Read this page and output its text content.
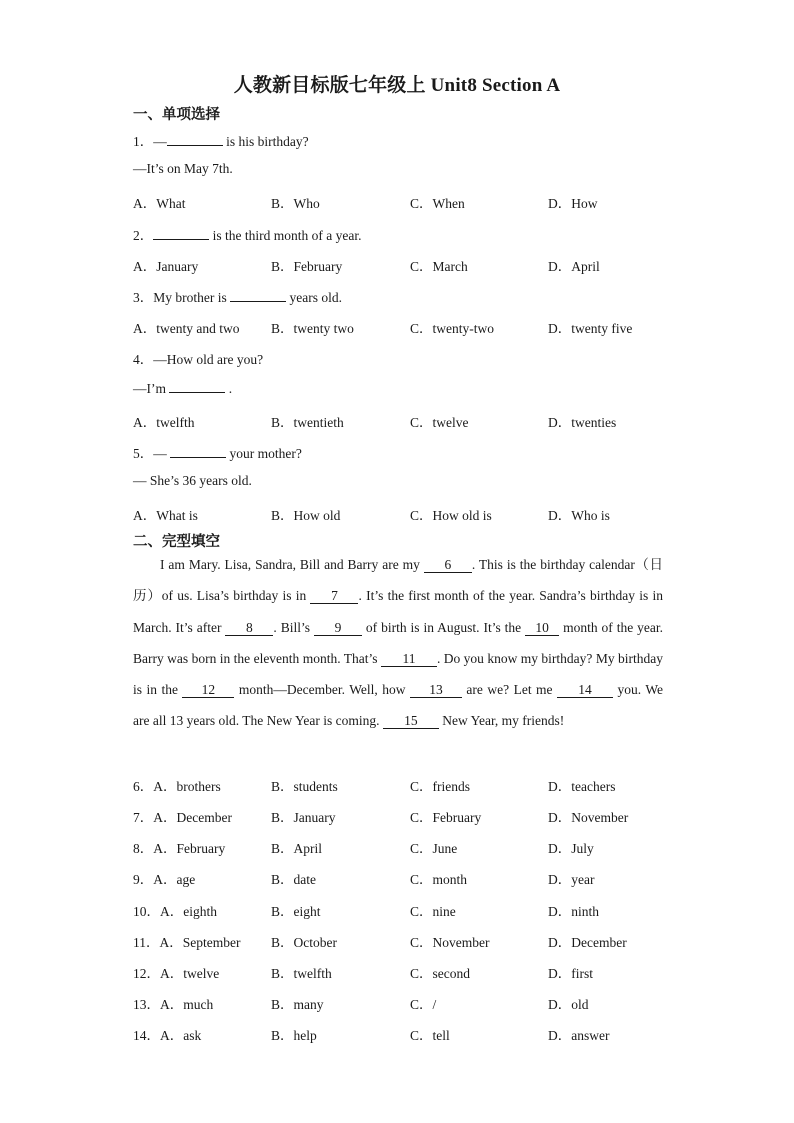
人教新目标版七年级上 Unit8 Section A
一、单项选择
1．—	is his birthday?
—It’s on May 7th.
A．What	B．Who	C．When	D．How
2．	is the third month of a year.
A．January	B．February	C．March	D．April
3．My brother is	years old.
A．twenty and two B．twenty two	C．twenty-two	D．twenty five
4．—How old are you?
—I’m	.
A．twelfth	B．twentieth	C．twelve	D．twenties
5．—	your mother?
— She’s 36 years old.
A．What is	B．How old	C．How old is	D．Who is
二、完型填空
I am Mary. Lisa, Sandra, Bill and Barry are my 6 . This is the birthday calendar（日历）of us. Lisa’s birthday is in 7 . It’s the first month of the year. Sandra’s birthday is in March. It’s after 8 . Bill’s 9 of birth is in August. It’s the 10 month of the year. Barry was born in the eleventh month. That’s 11 . Do you know my birthday? My birthday is in the 12 month—December. Well, how 13 are we? Let me 14 you. We are all 13 years old. The New Year is coming. 15 New Year, my friends!
6．A．brothers	B．students	C．friends	D．teachers
7．A．December	B．January	C．February	D．November
8．A．February	B．April	C．June	D．July
9．A．age	B．date	C．month	D．year
10．A．eighth	B．eight	C．nine	D．ninth
11．A．September B．October	C．November	D．December
12．A．twelve	B．twelfth	C．second	D．first
13．A．much	B．many	C．/	D．old
14．A．ask	B．help	C．tell	D．answer
